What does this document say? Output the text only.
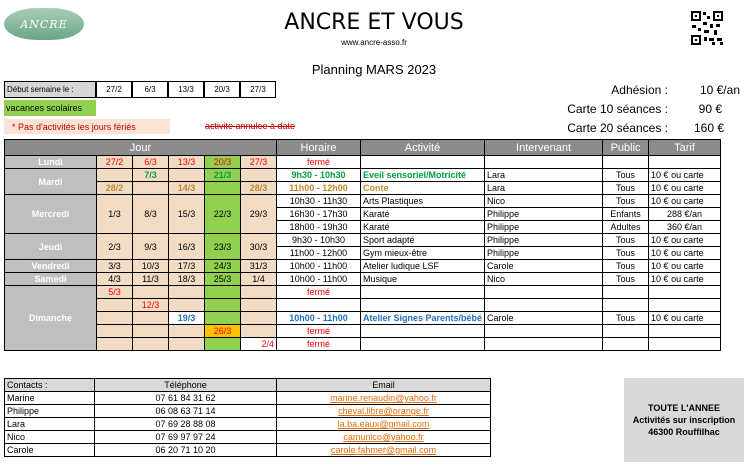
ANCRE	ANCRE ET VOUS
www.ancre-asso.fr
Planning MARS 2023
Début semaine le :	27/2	6/3	13/3	20/3	27/3
vacances scolaires
* Pas d'activités les jours fériés	activite annulee à date
Adhésion :	10 €/an
Carte 10 séances :	90 €
Carte 20 séances :	160 €
Jour						Horaire	Activité	Intervenant	Public	Tarif
Lundi	27/2	6/3	13/3	20/3	27/3	fermé				
Mardi		7/3		21/3		9h30 - 10h30	Eveil sensoriel/Motricité	Lara	Tous	10 € ou carte
	28/2		14/3		28/3	11h00 - 12h00	Conte	Lara	Tous	10 € ou carte
Mercredi	1/3	8/3	15/3	22/3	29/3	10h30 - 11h30	Arts Plastiques	Nico	Tous	10 € ou carte
						16h30 - 17h30	Karaté	Philippe	Enfants	288 €/an
						18h00 - 19h30	Karaté	Philippe	Adultes	360 €/an
Jeudi	2/3	9/3	16/3	23/3	30/3	9h30 - 10h30	Sport adapté	Philippe	Tous	10 € ou carte
						11h00 - 12h00	Gym mieux-être	Philippe	Tous	10 € ou carte
Vendredi	3/3	10/3	17/3	24/3	31/3	10h00 - 11h00	Atelier ludique LSF	Carole	Tous	10 € ou carte
Samedi	4/3	11/3	18/3	25/3	1/4	10h00 - 11h00	Musique	Nico	Tous	10 € ou carte
Dimanche	5/3					fermé				
		12/3								
			19/3			10h00 - 11h00	Atelier Signes Parents/bébé	Carole	Tous	10 € ou carte
				26/3		fermé				
					2/4	fermé				
Contacts :	Téléphone	Email
Marine	07 61 84 31 62	marine.renaudin@yahoo.fr
Philippe	06 08 63 71 14	cheval.libre@orange.fr
Lara	07 69 28 88 08	la.ba.eaux@gmail.com
Nico	07 69 97 97 24	camunico@yahoo.fr
Carole	06 20 71 10 20	carole.fahmer@gmail.com
TOUTE L'ANNEE
Activités sur inscription
46300 Rouffilhac
